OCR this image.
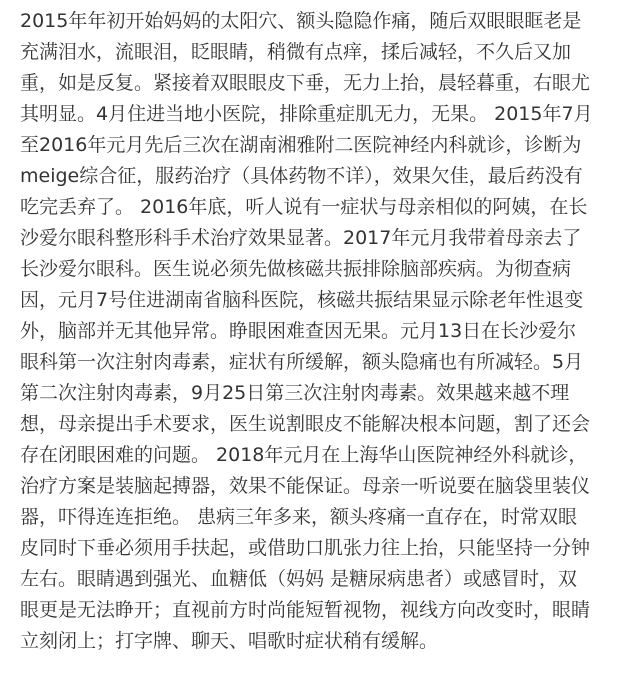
2015年年初开始妈妈的太阳穴、额头隐隐作痛，随后双眼眼眶老是
充满泪水，流眼泪，眨眼睛，稍微有点痒，揉后减轻，不久后又加
重，如是反复。紧接着双眼眼皮下垂，无力上抬，晨轻暮重，右眼尤
其明显。4月住进当地小医院，排除重症肌无力，无果。 2015年7月
至2016年元月先后三次在湖南湘雅附二医院神经内科就诊，诊断为
meige综合征，服药治疗（具体药物不详），效果欠佳，最后药没有
吃完丢弃了。 2016年底，听人说有一症状与母亲相似的阿姨，在长
沙爱尔眼科整形科手术治疗效果显著。2017年元月我带着母亲去了
长沙爱尔眼科。医生说必须先做核磁共振排除脑部疾病。为彻查病
因，元月7号住进湖南省脑科医院，核磁共振结果显示除老年性退变
外，脑部并无其他异常。睁眼困难查因无果。元月13日在长沙爱尔
眼科第一次注射肉毒素，症状有所缓解，额头隐痛也有所减轻。5月
第二次注射肉毒素，9月25日第三次注射肉毒素。效果越来越不理
想，母亲提出手术要求，医生说割眼皮不能解决根本问题，割了还会
存在闭眼困难的问题。 2018年元月在上海华山医院神经外科就诊，
治疗方案是装脑起搏器，效果不能保证。母亲一听说要在脑袋里装仪
器，吓得连连拒绝。 患病三年多来，额头疼痛一直存在，时常双眼
皮同时下垂必须用手扶起，或借助口肌张力往上抬，只能坚持一分钟
左右。眼睛遇到强光、血糖低（妈妈 是糖尿病患者）或感冒时，双
眼更是无法睁开；直视前方时尚能短暂视物，视线方向改变时，眼睛
立刻闭上；打字牌、聊天、唱歌时症状稍有缓解。
